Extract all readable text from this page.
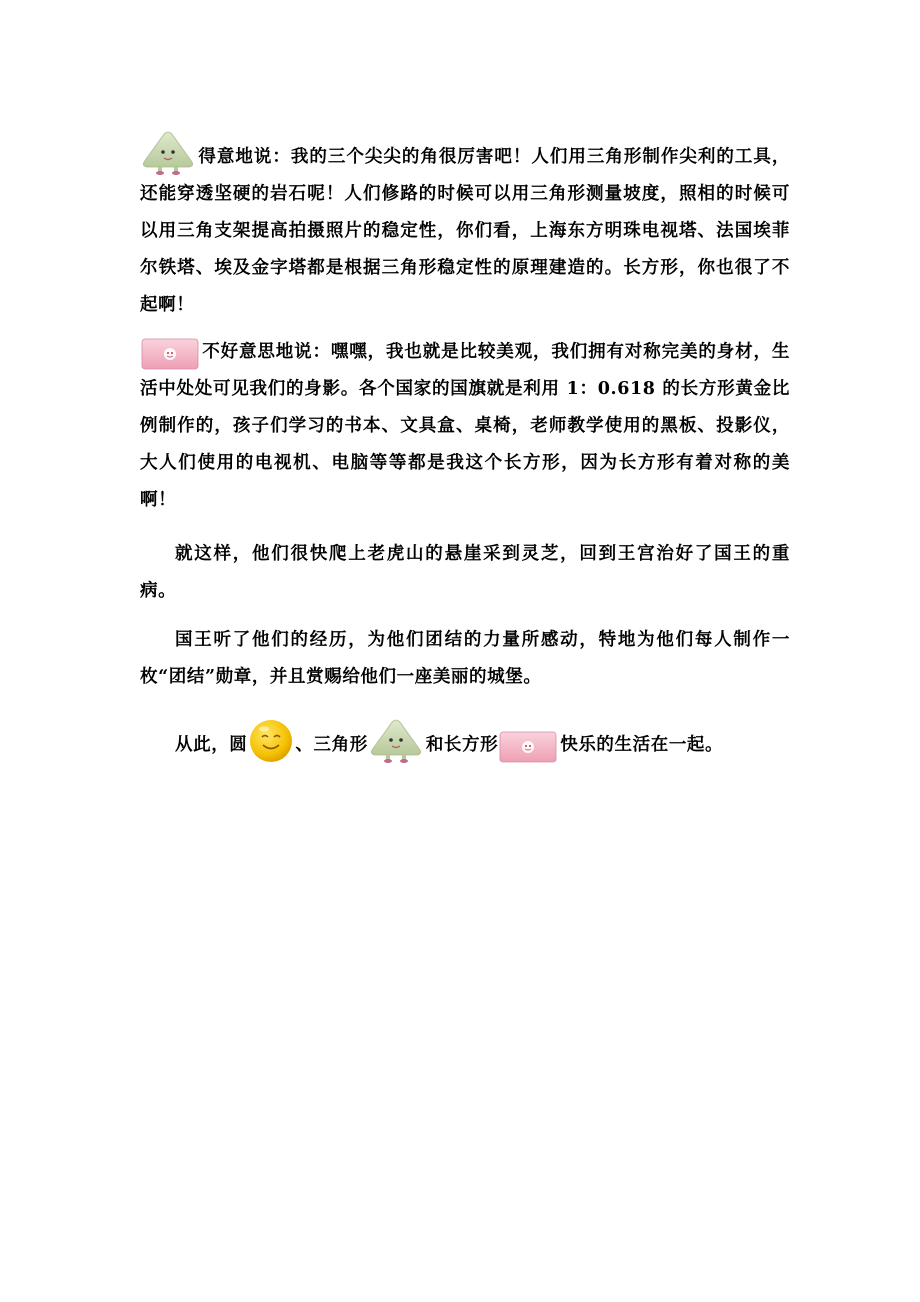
得意地说：我的三个尖尖的角很厉害吧！人们用三角形制作尖利的工具，还能穿透坚硬的岩石呢！人们修路的时候可以用三角形测量坡度，照相的时候可以用三角支架提高拍摄照片的稳定性，你们看，上海东方明珠电视塔、法国埃菲尔铁塔、埃及金字塔都是根据三角形稳定性的原理建造的。长方形，你也很了不起啊！
不好意思地说：嘿嘿，我也就是比较美观，我们拥有对称完美的身材，生活中处处可见我们的身影。各个国家的国旗就是利用 1：0.618 的长方形黄金比例制作的，孩子们学习的书本、文具盒、桌椅，老师教学使用的黑板、投影仪，大人们使用的电视机、电脑等等都是我这个长方形，因为长方形有着对称的美啊！
就这样，他们很快爬上老虎山的悬崖采到灵芝，回到王宫治好了国王的重病。
国王听了他们的经历，为他们团结的力量所感动，特地为他们每人制作一枚“团结”勋章，并且赏赐给他们一座美丽的城堡。
从此，圆	、三角形	和长方形	快乐的生活在一起。
